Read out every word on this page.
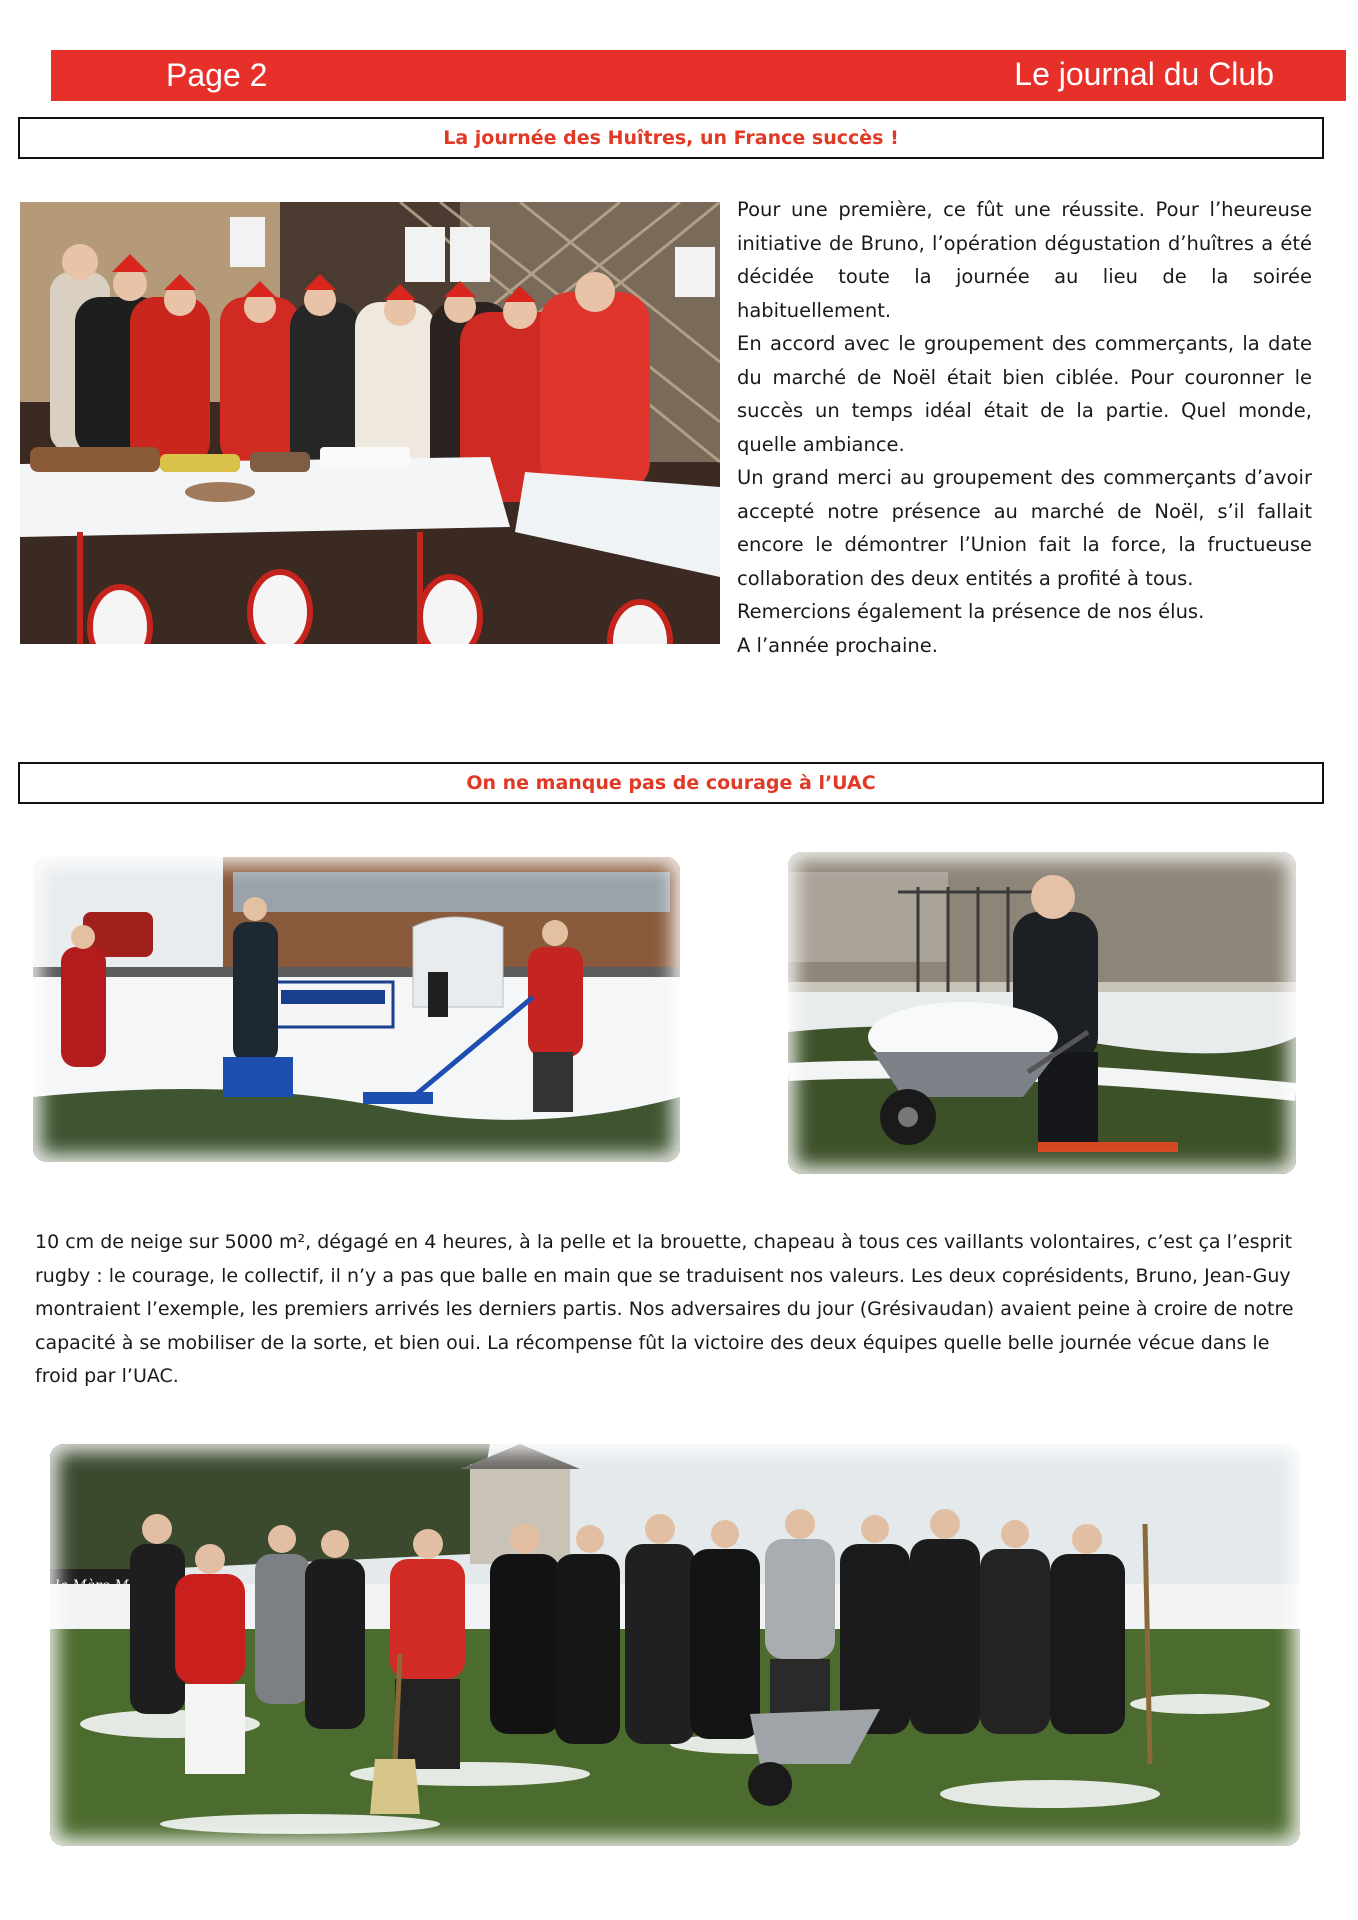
Page 2	Le journal du Club
La journée des Huîtres, un France succès !

Pour une première, ce fût une réussite. Pour l’heureuse initiative de Bruno, l’opération dégustation d’huîtres a été décidée toute la journée au lieu de la soirée habituellement.

En accord avec le groupement des commerçants, la date du marché de Noël était bien ciblée. Pour couronner le succès un temps idéal était de la partie. Quel monde, quelle ambiance.

Un grand merci au groupement des commerçants d’avoir accepté notre présence au marché de Noël, s’il fallait encore le démontrer l’Union fait la force, la fructueuse collaboration des deux entités a profité à tous.

Remercions également la présence de nos élus.

A l’année prochaine.

On ne manque pas de courage à l’UAC
10 cm de neige sur 5000 m², dégagé en 4 heures, à la pelle et la brouette, chapeau à tous ces vaillants volontaires, c’est ça l’esprit rugby : le courage, le collectif, il n’y a pas que balle en main que se traduisent nos valeurs. Les deux coprésidents, Bruno, Jean-Guy montraient l’exemple, les premiers arrivés les derniers partis. Nos adversaires du jour (Grésivaudan) avaient peine à croire de notre capacité à se mobiliser de la sorte, et bien oui. La récompense fût la victoire des deux équipes quelle belle journée vécue dans le froid par l’UAC.
